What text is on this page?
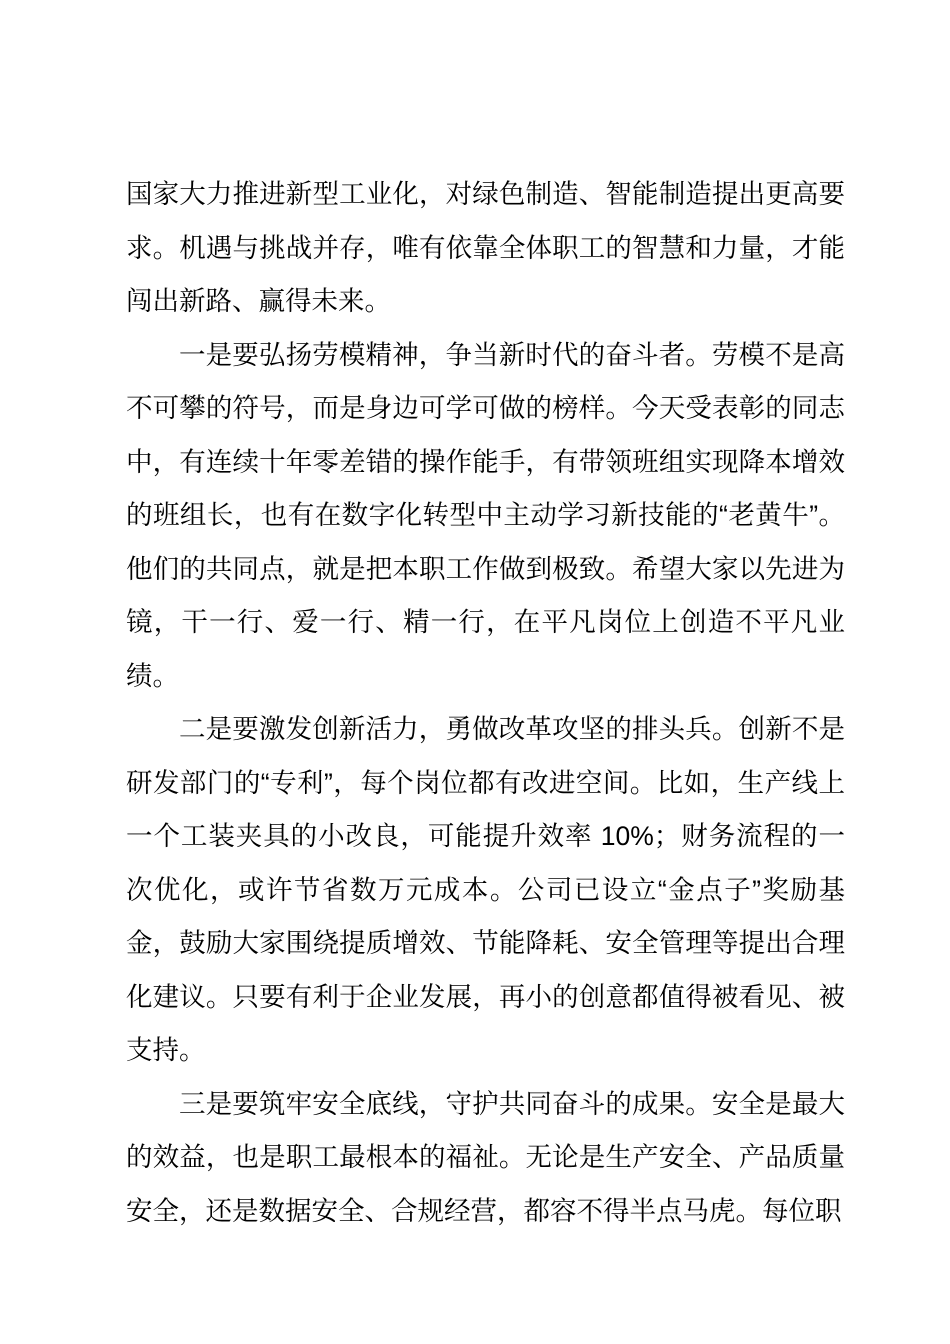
国家大力推进新型工业化，对绿色制造、智能制造提出更高要求。机遇与挑战并存，唯有依靠全体职工的智慧和力量，才能闯出新路、赢得未来。

一是要弘扬劳模精神，争当新时代的奋斗者。劳模不是高不可攀的符号，而是身边可学可做的榜样。今天受表彰的同志中，有连续十年零差错的操作能手，有带领班组实现降本增效的班组长，也有在数字化转型中主动学习新技能的“老黄牛”。他们的共同点，就是把本职工作做到极致。希望大家以先进为镜，干一行、爱一行、精一行，在平凡岗位上创造不平凡业绩。

二是要激发创新活力，勇做改革攻坚的排头兵。创新不是研发部门的“专利”，每个岗位都有改进空间。比如，生产线上一个工装夹具的小改良，可能提升效率 10%；财务流程的一次优化，或许节省数万元成本。公司已设立“金点子”奖励基金，鼓励大家围绕提质增效、节能降耗、安全管理等提出合理化建议。只要有利于企业发展，再小的创意都值得被看见、被支持。

三是要筑牢安全底线，守护共同奋斗的成果。安全是最大的效益，也是职工最根本的福祉。无论是生产安全、产品质量安全，还是数据安全、合规经营，都容不得半点马虎。每位职
